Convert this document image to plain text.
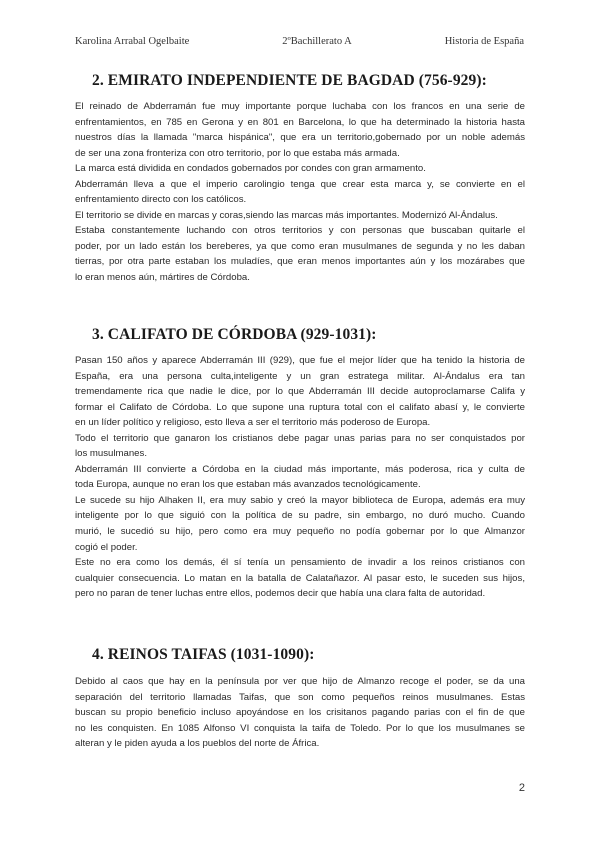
Karolina Arrabal Ogelbaite	2ºBachillerato A	Historia de España
2. EMIRATO INDEPENDIENTE DE BAGDAD (756-929):
El reinado de Abderramán fue muy importante porque luchaba con los francos en una serie de
enfrentamientos, en 785 en Gerona y en 801 en Barcelona, lo que ha determinado la historia hasta
nuestros días la llamada "marca hispánica", que era un territorio,gobernado por un noble además
de ser una zona fronteriza con otro territorio, por lo que estaba más armada.
La marca está dividida en condados gobernados por condes con gran armamento.
Abderramán lleva a que el imperio carolingio tenga que crear esta marca y, se convierte en el
enfrentamiento directo con los católicos.
El territorio se divide en marcas y coras,siendo las marcas más importantes. Modernizó Al-Ándalus.
Estaba constantemente luchando con otros territorios y con personas que buscaban quitarle el
poder, por un lado están los bereberes, ya que como eran musulmanes de segunda y no les daban
tierras, por otra parte estaban los muladíes, que eran menos importantes aún y los mozárabes que
lo eran menos aún, mártires de Córdoba.
3. CALIFATO DE CÓRDOBA (929-1031):
Pasan 150 años y aparece Abderramán III (929), que fue el mejor líder que ha tenido la historia de
España, era una persona culta,inteligente y un gran estratega militar. Al-Ándalus era tan
tremendamente rica que nadie le dice, por lo que Abderramán III decide autoproclamarse Califa y
formar el Califato de Córdoba. Lo que supone una ruptura total con el califato abasí y, le convierte
en un líder político y religioso, esto lleva a ser el territorio más poderoso de Europa.
Todo el territorio que ganaron los cristianos debe pagar unas parias para no ser conquistados por
los musulmanes.
Abderramán III convierte a Córdoba en la ciudad más importante, más poderosa, rica y culta de
toda Europa, aunque no eran los que estaban más avanzados tecnológicamente.
Le sucede su hijo Alhaken II, era muy sabio y creó la mayor biblioteca de Europa, además era muy
inteligente por lo que siguió con la política de su padre, sin embargo, no duró mucho. Cuando
murió, le sucedió su hijo, pero como era muy pequeño no podía gobernar por lo que Almanzor
cogió el poder.
Este no era como los demás, él sí tenía un pensamiento de invadir a los reinos cristianos con
cualquier consecuencia. Lo matan en la batalla de Calatañazor. Al pasar esto, le suceden sus hijos,
pero no paran de tener luchas entre ellos, podemos decir que había una clara falta de autoridad.
4. REINOS TAIFAS (1031-1090):
Debido al caos que hay en la península por ver que hijo de Almanzo recoge el poder, se da una
separación del territorio llamadas Taifas, que son como pequeños reinos musulmanes. Estas
buscan su propio beneficio incluso apoyándose en los crisitanos pagando parias con el fin de que
no les conquisten. En 1085 Alfonso VI conquista la taifa de Toledo. Por lo que los musulmanes se
alteran y le piden ayuda a los pueblos del norte de África.
2
